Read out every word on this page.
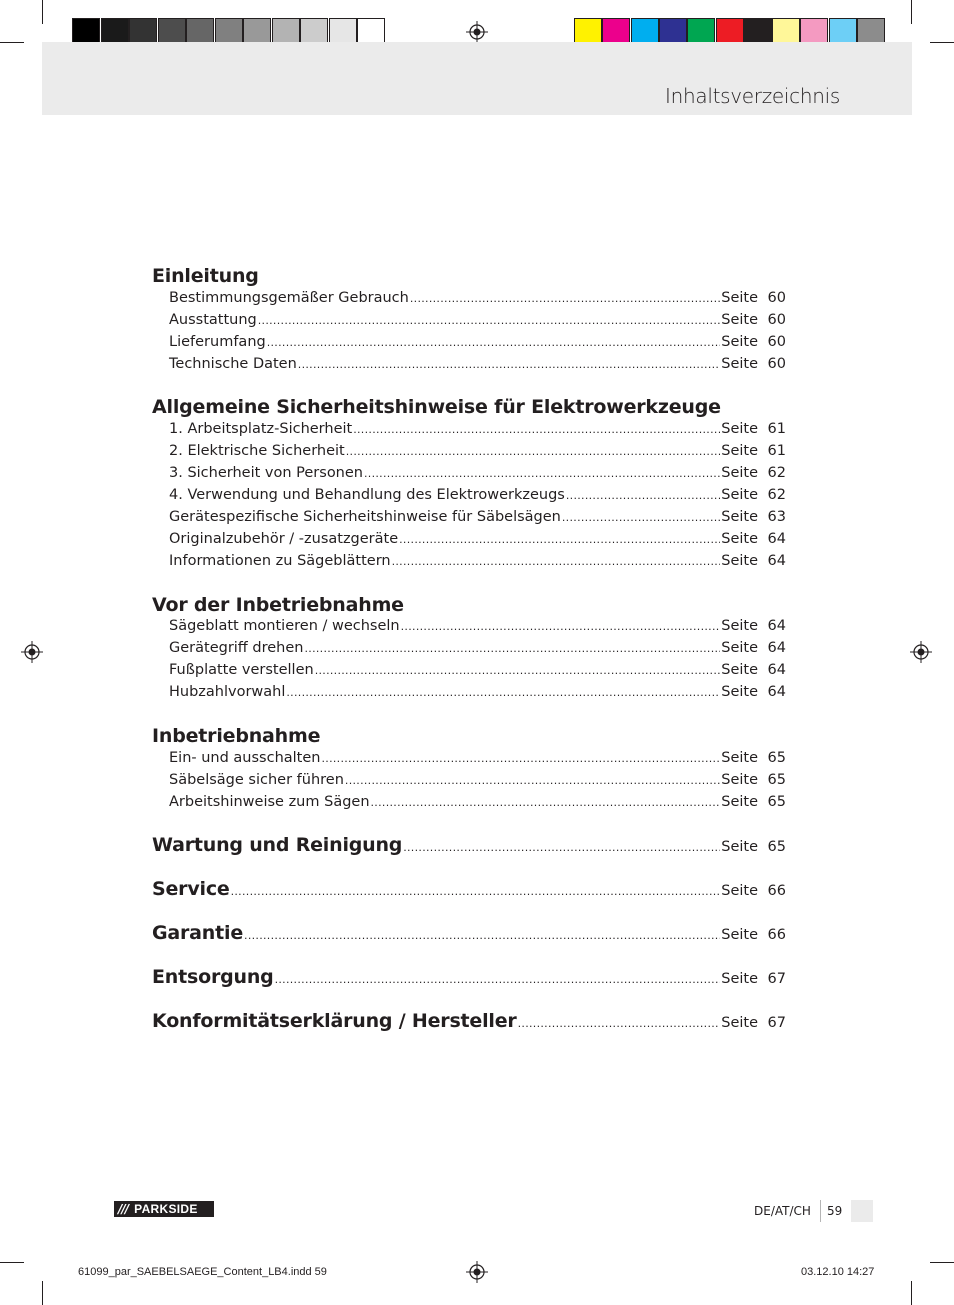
Inhaltsverzeichnis
Einleitung
Bestimmungsgemäßer Gebrauch .....	Seite 60
Ausstattung .....	Seite 60
Lieferumfang .....	Seite 60
Technische Daten .....	Seite 60
Allgemeine Sicherheitshinweise für Elektrowerkzeuge
1. Arbeitsplatz-Sicherheit .....	Seite 61
2. Elektrische Sicherheit .....	Seite 61
3. Sicherheit von Personen .....	Seite 62
4. Verwendung und Behandlung des Elektrowerkzeugs .....	Seite 62
Gerätespezifische Sicherheitshinweise für Säbelsägen .....	Seite 63
Originalzubehör / -zusatzgeräte .....	Seite 64
Informationen zu Sägeblättern .....	Seite 64
Vor der Inbetriebnahme
Sägeblatt montieren / wechseln .....	Seite 64
Gerätegriff drehen .....	Seite 64
Fußplatte verstellen .....	Seite 64
Hubzahlvorwahl .....	Seite 64
Inbetriebnahme
Ein- und ausschalten .....	Seite 65
Säbelsäge sicher führen .....	Seite 65
Arbeitshinweise zum Sägen .....	Seite 65
Wartung und Reinigung .....	Seite 65
Service .....	Seite 66
Garantie .....	Seite 66
Entsorgung .....	Seite 67
Konformitätserklärung / Hersteller .....	Seite 67
/// PARKSIDE	DE/AT/CH 59
61099_par_SAEBELSAEGE_Content_LB4.indd 59	03.12.10 14:27
